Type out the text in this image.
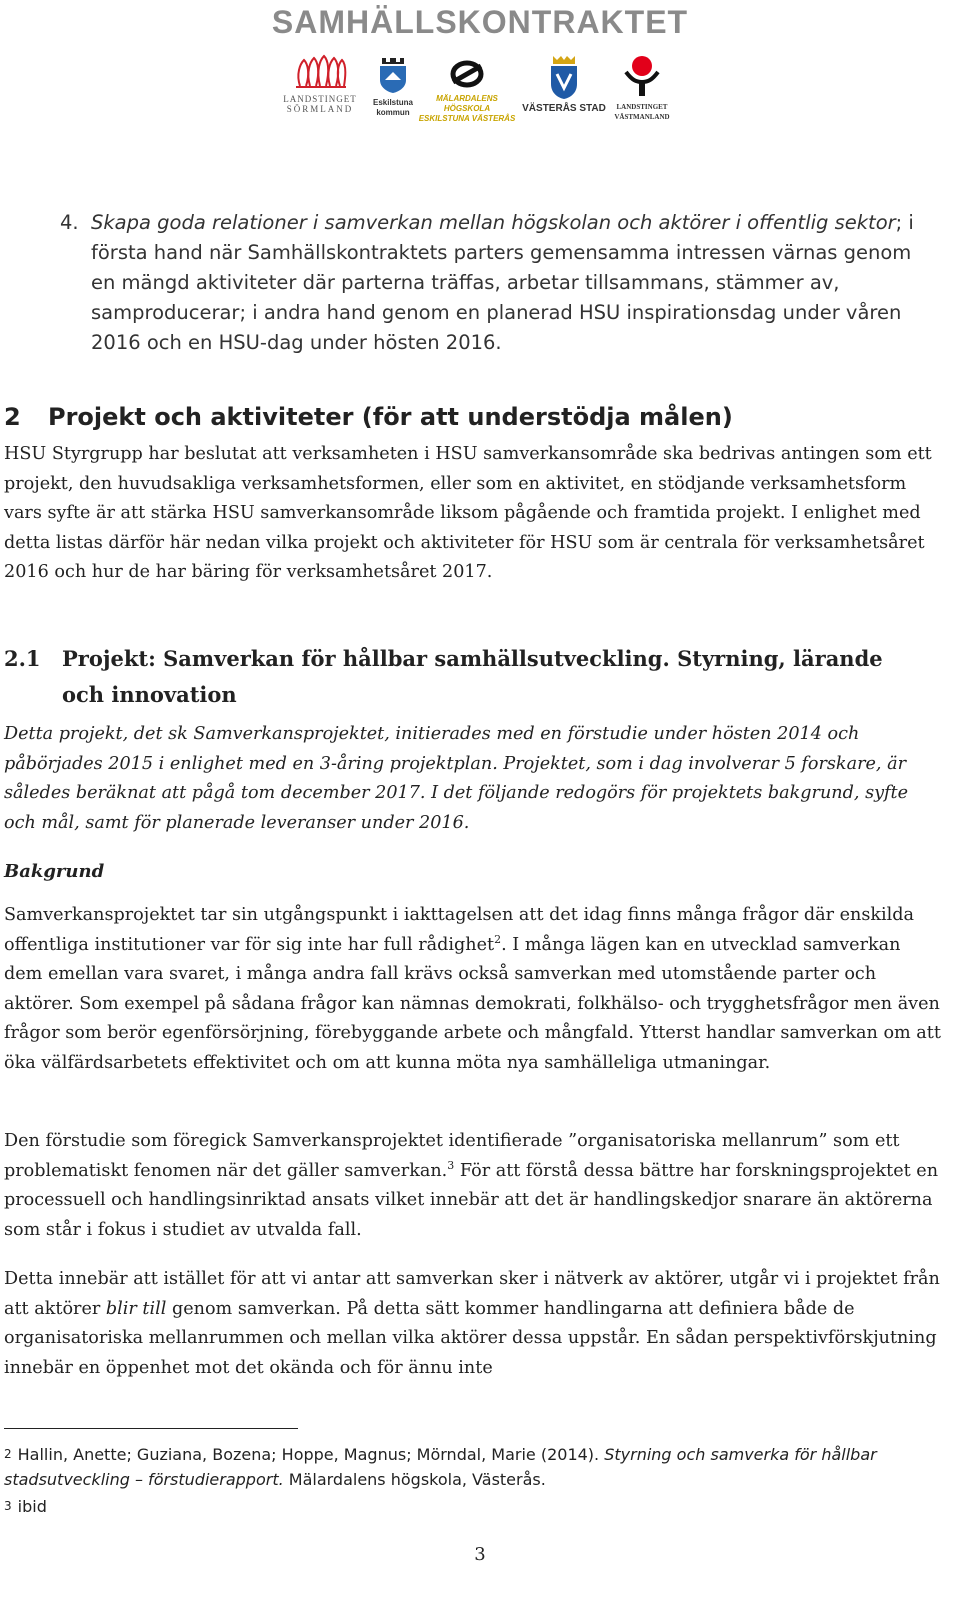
SAMHÄLLSKONTRAKTET
LANDSTINGET
SÖRMLAND
Eskilstuna
kommun
MÄLARDALENS HÖGSKOLA
ESKILSTUNA VÄSTERÅS
VÄSTERÅS STAD	LANDSTINGET
VÄSTMANLAND
4. Skapa goda relationer i samverkan mellan högskolan och aktörer i offentlig sektor; i första hand när Samhällskontraktets parters gemensamma intressen värnas genom en mängd aktiviteter där parterna träffas, arbetar tillsammans, stämmer av, samproducerar; i andra hand genom en planerad HSU inspirationsdag under våren 2016 och en HSU-dag under hösten 2016.
2 Projekt och aktiviteter (för att understödja målen)

HSU Styrgrupp har beslutat att verksamheten i HSU samverkansområde ska bedrivas antingen som ett projekt, den huvudsakliga verksamhetsformen, eller som en aktivitet, en stödjande verksamhetsform vars syfte är att stärka HSU samverkansområde liksom pågående och framtida projekt. I enlighet med detta listas därför här nedan vilka projekt och aktiviteter för HSU som är centrala för verksamhetsåret 2016 och hur de har bäring för verksamhetsåret 2017.

2.1 Projekt: Samverkan för hållbar samhällsutveckling. Styrning, lärande och innovation

Detta projekt, det sk Samverkansprojektet, initierades med en förstudie under hösten 2014 och påbörjades 2015 i enlighet med en 3-åring projektplan. Projektet, som i dag involverar 5 forskare, är således beräknat att pågå tom december 2017. I det följande redogörs för projektets bakgrund, syfte och mål, samt för planerade leveranser under 2016.

Bakgrund

Samverkansprojektet tar sin utgångspunkt i iakttagelsen att det idag finns många frågor där enskilda offentliga institutioner var för sig inte har full rådighet$^2$. I många lägen kan en utvecklad samverkan dem emellan vara svaret, i många andra fall krävs också samverkan med utomstående parter och aktörer. Som exempel på sådana frågor kan nämnas demokrati, folkhälso- och trygghetsfrågor men även frågor som berör egenförsörjning, förebyggande arbete och mångfald. Ytterst handlar samverkan om att öka välfärdsarbetets effektivitet och om att kunna möta nya samhälleliga utmaningar.

Den förstudie som föregick Samverkansprojektet identifierade ”organisatoriska mellanrum” som ett problematiskt fenomen när det gäller samverkan.$^3$ För att förstå dessa bättre har forskningsprojektet en processuell och handlingsinriktad ansats vilket innebär att det är handlingskedjor snarare än aktörerna som står i fokus i studiet av utvalda fall.

Detta innebär att istället för att vi antar att samverkan sker i nätverk av aktörer, utgår vi i projektet från att aktörer blir till genom samverkan. På detta sätt kommer handlingarna att definiera både de organisatoriska mellanrummen och mellan vilka aktörer dessa uppstår. En sådan perspektivförskjutning innebär en öppenhet mot det okända och för ännu inte

$^2$ Hallin, Anette; Guziana, Bozena; Hoppe, Magnus; Mörndal, Marie (2014). Styrning och samverka för hållbar stadsutveckling – förstudierapport. Mälardalens högskola, Västerås.
$^3$ ibid
3
